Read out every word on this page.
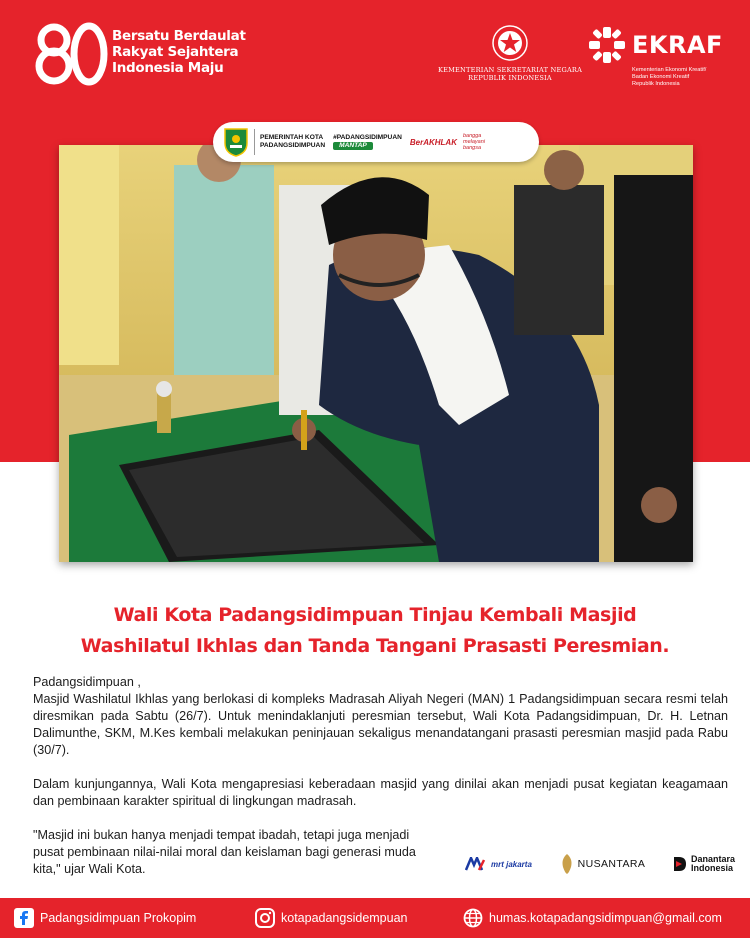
Bersatu Berdaulat
Rakyat Sejahtera
Indonesia Maju	KEMENTERIAN SEKRETARIAT NEGARA
REPUBLIK INDONESIA
EKRAF
Kementerian Ekonomi Kreatif/
Badan Ekonomi Kreatif
Republik Indonesia
PEMERINTAH KOTA
PADANGSIDIMPUAN
#PADANGSIDIMPUAN
MANTAP	BerAKHLAK
bangga
melayani
bangsa
Wali Kota Padangsidimpuan Tinjau Kembali Masjid
Washilatul Ikhlas dan Tanda Tangani Prasasti Peresmian.

Padangsidimpuan ,

Masjid Washilatul Ikhlas yang berlokasi di kompleks Madrasah Aliyah Negeri (MAN) 1 Padangsidimpuan secara resmi telah diresmikan pada Sabtu (26/7). Untuk menindaklanjuti peresmian tersebut, Wali Kota Padangsidimpuan, Dr. H. Letnan Dalimunthe, SKM, M.Kes kembali melakukan peninjauan sekaligus menandatangani prasasti peresmian masjid pada Rabu (30/7).

Dalam kunjungannya, Wali Kota mengapresiasi keberadaan masjid yang dinilai akan menjadi pusat kegiatan keagamaan dan pembinaan karakter spiritual di lingkungan madrasah.

"Masjid ini bukan hanya menjadi tempat ibadah, tetapi juga menjadi pusat pembinaan nilai-nilai moral dan keislaman bagi generasi muda kita," ujar Wali Kota.	mrt jakarta	NUSANTARA	Danantara
Indonesia
Padangsidimpuan Prokopim	kotapadangsidempuan	humas.kotapadangsidimpuan@gmail.com
